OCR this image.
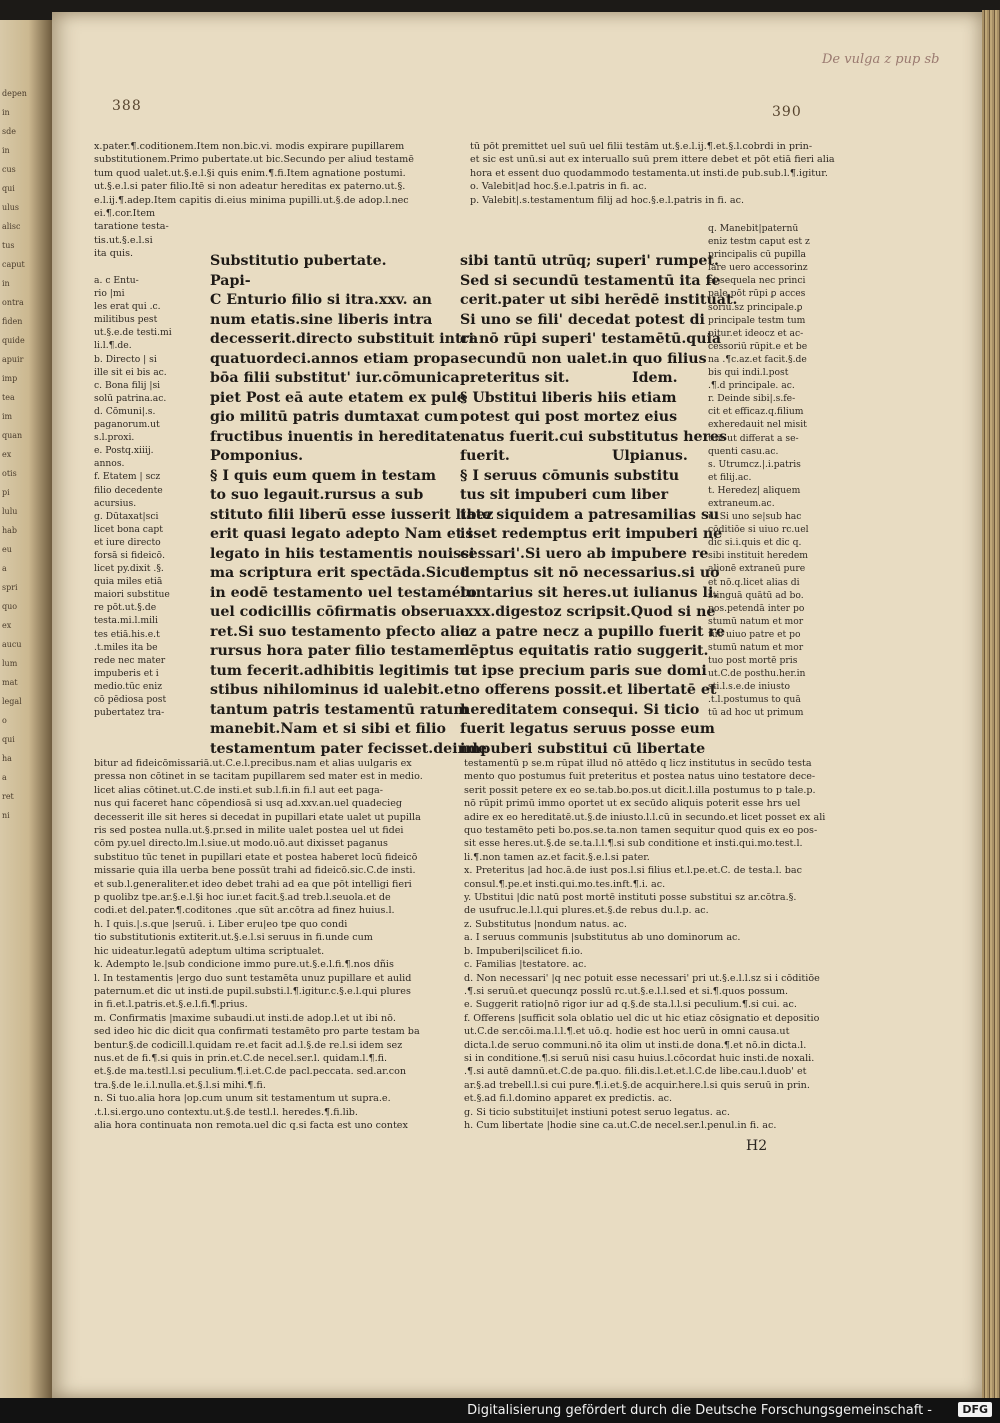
depen

in

sde

in

cus

qui

ulus

alisc

tus

caput

in

ontra

fiden

quide

apuir

imp

tea

im

quan

ex

otis

pi

lulu

hab

eu

a

spri

quo

ex

aucu

lum

mat

legal

o

qui

ha

a

ret

ni

388	390
De vulga z pup sb

x.pater.¶.coditionem.Item non.bic.vi. modis expirare pupillarem

substitutionem.Primo pubertate.ut bic.Secundo per aliud testamē

tum quod ualet.ut.§.e.l.§i quis enim.¶.fi.Item agnatione postumi.

ut.§.e.l.si pater filio.Itē si non adeatur hereditas ex paterno.ut.§.

e.l.ij.¶.adep.Item capitis di.eius minima pupilli.ut.§.de adop.l.nec

ei.¶.cor.Item

taratione testa-

tis.ut.§.e.l.si

ita quis.

a. c Entu-

rio |mi

les erat qui .c.

militibus pest

ut.§.e.de testi.mi

li.l.¶.de.

b. Directo | si

ille sit ei bis ac.

c. Bona filij |si

solū patrina.ac.

d. Cōmuni|.s.

paganorum.ut

s.l.proxi.

e. Postq.xiiij.

annos.

f. Etatem | scz

filio decedente

acursius.

g. Dūtaxat|sci

licet bona capt

et iure directo

forsā si fideicō.

licet py.dixit .§.

quia miles etiā

maiori substitue

re pōt.ut.§.de

testa.mi.l.mili

tes etiā.his.e.t

.t.miles ita be

rede nec mater

impuberis et i

medio.tūc eniz

cō pēdiosa post

pubertatez tra-

Substitutio pubertate.

Papi-

C Enturio filio si itra.xxv. an

num etatis.sine liberis intra

decesserit.directo substituit intra

quatuordeci.annos etiam propa

bōa filii substitut' iur.cōmunica

piet Post eā aute etatem ex pule

gio militū patris dumtaxat cum

fructibus inuentis in hereditate.

Pomponius.

§ I quis eum quem in testam

to suo legauit.rursus a sub

stituto filii liberū esse iusserit libez

erit quasi legato adepto Nam et i

legato in hiis testamentis nouissi

ma scriptura erit spectāda.Sicut

in eodē testamento uel testaméto

uel codicillis cōfirmatis obserua

ret.Si suo testamento pfecto alia

rursus hora pater filio testamen

tum fecerit.adhibitis legitimis te

stibus nihilominus id ualebit.et

tantum patris testamentū ratum

manebit.Nam et si sibi et filio

testamentum pater fecisset.deinde

tū pōt premittet uel suū uel filii testām ut.§.e.l.ij.¶.et.§.l.cobrdi in prin-

et sic est unū.si aut ex interuallo suū prem ittere debet et pōt etiā fieri alia

hora et essent duo quodammodo testamenta.ut insti.de pub.sub.l.¶.igitur.

o. Valebit|ad hoc.§.e.l.patris in fi. ac.

p. Valebit|.s.testamentum filij ad hoc.§.e.l.patris in fi. ac.

sibi tantū utrūq; superi' rumpet.

Sed si secundū testamentū ita fe

cerit.pater ut sibi herēdē instituat.

Si uno se fili' decedat potest di

ci nō rūpi superi' testamētū.quia

secundū non ualet.in quo filius

preteritus sit.

§ Ubstitui liberis hiis etiam

potest qui post mortez eius

natus fuerit.cui substitutus heres

fuerit.

§ I seruus cōmunis substitu

tus sit impuberi cum liber

tate siquidem a patresamilias su

isset redemptus erit impuberi ne

cessari'.Si uero ab impubere re

demptus sit nō necessarius.si uo

luntarius sit heres.ut iulianus li.

.xxx.digestoz scripsit.Quod si ne

cz a patre necz a pupillo fuerit re

dēptus equitatis ratio suggerit.

ut ipse precium paris sue domi

no offerens possit.et libertatē et

hereditatem consequi. Si ticio

fuerit legatus seruus posse eum

impuberi substitui cū libertate

Idem.
Ulpianus.

q. Manebit|paternū

eniz testm caput est z

principalis cū pupilla

lare uero accessorinz

et sequela nec princi

pale pōt rūpi ꝑ acces

soriū.sz principale.ꝑ

principale testm tum

pitur.et ideocz et ac-

cessoriū rūpit.e et be

na .¶c.az.et facit.§.de

bis qui indi.l.post

.¶.d principale. ac.

r. Deinde sibi|.s.fe-

cit et efficaz.q.filium

exheredauit nel misit

tuit ut differat a se-

quenti casu.ac.

s. Utrumcz.|.i.patris

et filij.ac.

t. Heredez| aliquem

extraneum.ac.

u. Si uno se|sub hac

cōditiōe si uiuo rc.uel

dic si.i.quis et dic q.

sibi instituit heredem

alionē extraneū pure

et nō.q.licet alias di

stinguā quātū ad bo.

pos.petendā inter po

stumū natum et mor

tuo uiuo patre et po

stumū natum et mor

tuo post mortē pris

ut.C.de posthu.her.in

sti.l.s.e.de iniusto

.t.l.postumus to quā

tū ad hoc ut primum

bitur ad fideicōmissariā.ut.C.e.l.precibus.nam et alias uulgaris ex

pressa non cōtinet in se tacitam pupillarem sed mater est in medio.

licet alias cōtinet.ut.C.de insti.et sub.l.fi.in fi.l aut eet paga-

nus qui faceret hanc cōpendiosā si usq ad.xxv.an.uel quadecieg

decesserit ille sit heres si decedat in pupillari etate ualet ut pupilla

ris sed postea nulla.ut.§.pr.sed in milite ualet postea uel ut fidei

cōm py.uel directo.lm.l.siue.ut modo.uō.aut dixisset paganus

substituo tūc tenet in pupillari etate et postea haberet locū fideicō

missarie quia illa uerba bene possūt trahi ad fideicō.sic.C.de insti.

et sub.l.generaliter.et ideo debet trahi ad ea que pōt intelligi fieri

p quolibz tpe.ar.§.e.l.§i hoc iur.et facit.§.ad treb.l.seuola.et de

codi.et del.pater.¶.coditones .que sūt ar.cōtra ad finez huius.l.

h. I quis.|.s.que |seruū. i. Liber eru|eo tpe quo condi

tio substitutionis extiterit.ut.§.e.l.si seruus in fi.unde cum

hic uideatur.legatū adeptum ultima scriptualet.

k. Adempto le.|sub condicione immo pure.ut.§.e.l.fi.¶.nos dñis

l. In testamentis |ergo duo sunt testamēta unuz pupillare et aulid

paternum.et dic ut insti.de pupil.substi.l.¶.igitur.c.§.e.l.qui plures

in fi.et.l.patris.et.§.e.l.fi.¶.prius.

m. Confirmatis |maxime subaudi.ut insti.de adop.l.et ut ibi nō.

sed ideo hic dic dicit qua confirmati testamēto pro parte testam ba

bentur.§.de codicill.l.quidam re.et facit ad.l.§.de re.l.si idem sez

nus.et de fi.¶.si quis in prin.et.C.de necel.ser.l. quidam.l.¶.fi.

et.§.de ma.testl.l.si peculium.¶.i.et.C.de pacl.peccata. sed.ar.con

tra.§.de le.i.l.nulla.et.§.l.si mihi.¶.fi.

n. Si tuo.alia hora |op.cum unum sit testamentum ut supra.e.

.t.l.si.ergo.uno contextu.ut.§.de testl.l. heredes.¶.fi.lib.

alia hora continuata non remota.uel dic q.si facta est uno contex

testamentū p se.m rūpat illud nō attēdo q licz institutus in secūdo testa

mento quo postumus fuit preteritus et postea natus uino testatore dece-

serit possit petere ex eo se.tab.bo.pos.ut dicit.l.illa postumus to p tale.p.

nō rūpit primū immo oportet ut ex secūdo aliquis poterit esse hrs uel

adire ex eo hereditatē.ut.§.de iniusto.l.l.cū in secundo.et licet posset ex ali

quo testamēto peti bo.pos.se.ta.non tamen sequitur quod quis ex eo pos-

sit esse heres.ut.§.de se.ta.l.l.¶.si sub conditione et insti.qui.mo.test.l.

li.¶.non tamen az.et facit.§.e.l.si pater.

x. Preteritus |ad hoc.ā.de iust pos.l.si filius et.l.pe.et.C. de testa.l. bac

consul.¶.pe.et insti.qui.mo.tes.inft.¶.i. ac.

y. Ubstitui |dic natū post mortē instituti posse substitui sz ar.cōtra.§.

de usufruc.le.l.l.qui plures.et.§.de rebus du.l.p. ac.

z. Substitutus |nondum natus. ac.

a. I seruus communis |substitutus ab uno dominorum ac.

b. Impuberi|scilicet fi.io.

c. Familias |testatore. ac.

d. Non necessari' |q nec potuit esse necessari' pri ut.§.e.l.l.sz si i cōditiōe

.¶.si seruū.et quecunqz posslū rc.ut.§.e.l.l.sed et si.¶.quos possum.

e. Suggerit ratio|nō rigor iur ad q.§.de sta.l.l.si peculium.¶.si cui. ac.

f. Offerens |sufficit sola oblatio uel dic ut hic etiaz cōsignatio et depositio

ut.C.de ser.cōi.ma.l.l.¶.et uō.q. hodie est hoc uerū in omni causa.ut

dicta.l.de seruo communi.nō ita olim ut insti.de dona.¶.et nō.in dicta.l.

si in conditione.¶.si seruū nisi casu huius.l.cōcordat huic insti.de noxali.

.¶.si autē damnū.et.C.de pa.quo. fili.dis.l.et.et.l.C.de libe.cau.l.duob' et

ar.§.ad trebell.l.si cui pure.¶.i.et.§.de acquir.here.l.si quis seruū in prin.

et.§.ad fi.l.domino apparet ex predictis. ac.

g. Si ticio substitui|et instiuni potest seruo legatus. ac.

h. Cum libertate |hodie sine ca.ut.C.de necel.ser.l.penul.in fi. ac.

H2
Digitalisierung gefördert durch die Deutsche Forschungsgemeinschaft -	DFG
